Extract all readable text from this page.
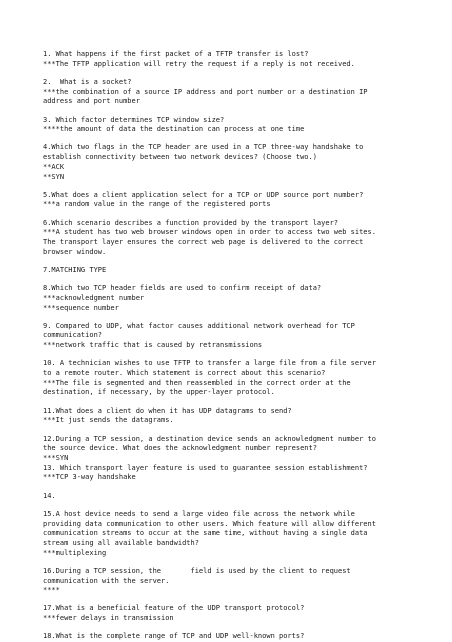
1. What happens if the first packet of a TFTP transfer is lost?
***The TFTP application will retry the request if a reply is not received.
2.  What is a socket?
***the combination of a source IP address and port number or a destination IP
address and port number
3. Which factor determines TCP window size?
****the amount of data the destination can process at one time
4.Which two flags in the TCP header are used in a TCP three-way handshake to
establish connectivity between two network devices? (Choose two.)
**ACK
**SYN
5.What does a client application select for a TCP or UDP source port number?
***a random value in the range of the registered ports
6.Which scenario describes a function provided by the transport layer?
***A student has two web browser windows open in order to access two web sites.
The transport layer ensures the correct web page is delivered to the correct
browser window.
7.MATCHING TYPE
8.Which two TCP header fields are used to confirm receipt of data?
***acknowledgment number
***sequence number
9. Compared to UDP, what factor causes additional network overhead for TCP
communication?
***network traffic that is caused by retransmissions
10. A technician wishes to use TFTP to transfer a large file from a file server
to a remote router. Which statement is correct about this scenario?
***The file is segmented and then reassembled in the correct order at the
destination, if necessary, by the upper-layer protocol.
11.What does a client do when it has UDP datagrams to send?
***It just sends the datagrams.
12.During a TCP session, a destination device sends an acknowledgment number to
the source device. What does the acknowledgment number represent?
***SYN
13. Which transport layer feature is used to guarantee session establishment?
***TCP 3-way handshake
14.
15.A host device needs to send a large video file across the network while
providing data communication to other users. Which feature will allow different
communication streams to occur at the same time, without having a single data
stream using all available bandwidth?
***multiplexing
16.During a TCP session, the       field is used by the client to request
communication with the server.
****
17.What is a beneficial feature of the UDP transport protocol?
***fewer delays in transmission
18.What is the complete range of TCP and UDP well-known ports?
